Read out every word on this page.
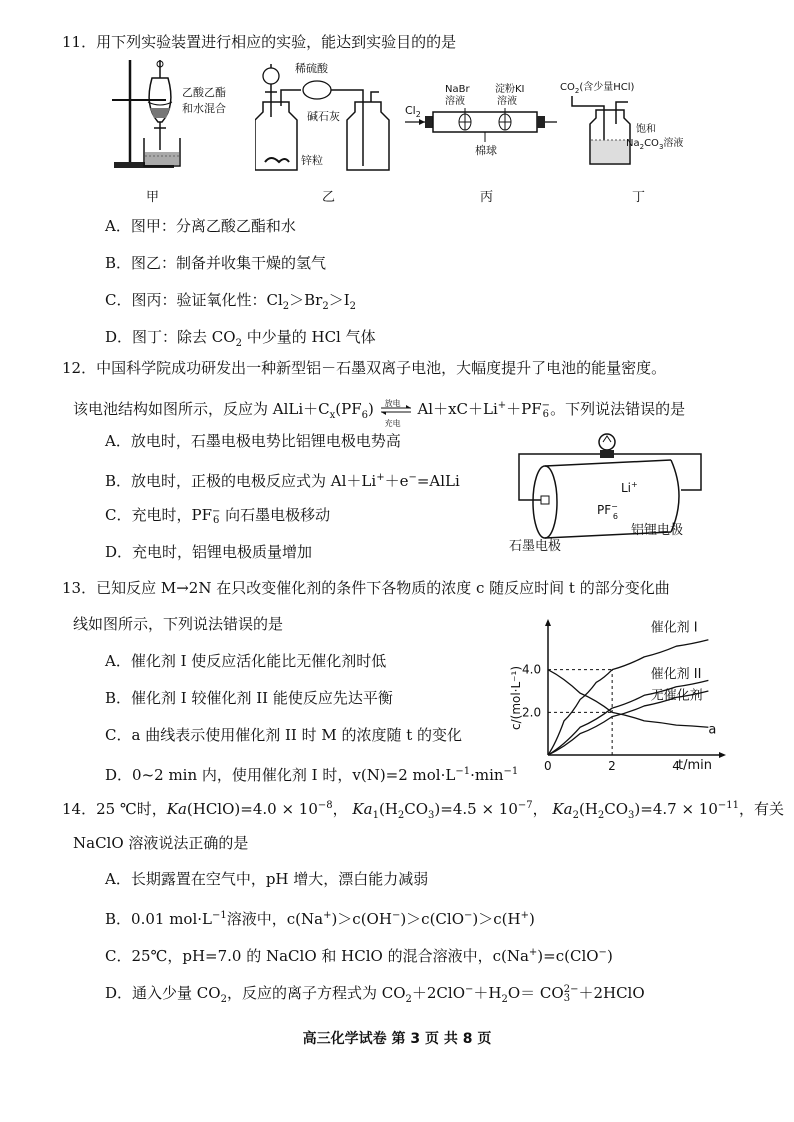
11．用下列实验装置进行相应的实验，能达到实验目的的是
乙酸乙酯
和水混合
甲
稀硫酸
碱石灰
锌粒
乙
NaBr
溶液
淀粉KI
溶液
$Cl_2$
棉球
丙
$CO_2$(含少量HCl)
饱和
$Na_2CO_3$溶液
丁
A．图甲：分离乙酸乙酯和水
B．图乙：制备并收集干燥的氢气
C．图丙：验证氧化性：$Cl_2>Br_2>I_2$
D．图丁：除去 $CO_2$ 中少量的 HCl 气体
12．中国科学院成功研发出一种新型铝－石墨双离子电池，大幅度提升了电池的能量密度。
该电池结构如图所示，反应为 $AlLi+C_x(PF_6)$ 放电
充电
Al＋xC＋Li+＋PF −
6 。下列说法错误的是
A．放电时，石墨电极电势比铝锂电极电势高
B．放电时，正极的电极反应式为 Al＋Li+＋e−=AlLi
C．充电时，PF −
6 向石墨电极移动
D．充电时，铝锂电极质量增加
Li+
PF− 6
石墨电极
铝锂电极
13．已知反应 M→2N 在只改变催化剂的条件下各物质的浓度 c 随反应时间 t 的部分变化曲
线如图所示，下列说法错误的是
A．催化剂 I 使反应活化能比无催化剂时低
B．催化剂 I 较催化剂 II 能使反应先达平衡
C．a 曲线表示使用催化剂 II 时 M 的浓度随 t 的变化
D．0~2 min 内，使用催化剂 I 时，v(N)=2 $mol\cdot L^{-1}\cdot\min^{-1}$
催化剂 I
催化剂 II
无催化剂
a
0	2	4
2.0
4.0
c/(mol·L⁻¹)
t/min
14．25 ℃时，Ka(HClO)=4.0 × $10^{-8}$， $Ka_1(H_2CO_3)=4.5 \times 10^{-7}$， $Ka_2(H_2CO_3)=4.7 \times 10^{-11}$，有关
NaClO 溶液说法正确的是
A．长期露置在空气中，pH 增大，漂白能力减弱
B．0.01 $mol\cdot L^{-1}$溶液中，c(Na+)＞c(OH−)＞c(ClO−)＞c(H+)
C．25℃，pH=7.0 的 NaClO 和 HClO 的混合溶液中，c(Na+)=c(ClO−)
D．通入少量 $CO_2$，反应的离子方程式为 $CO_2+2ClO^-+H_2O=$ CO 2−
3 ＋2HClO
高三化学试卷 第 3 页 共 8 页
